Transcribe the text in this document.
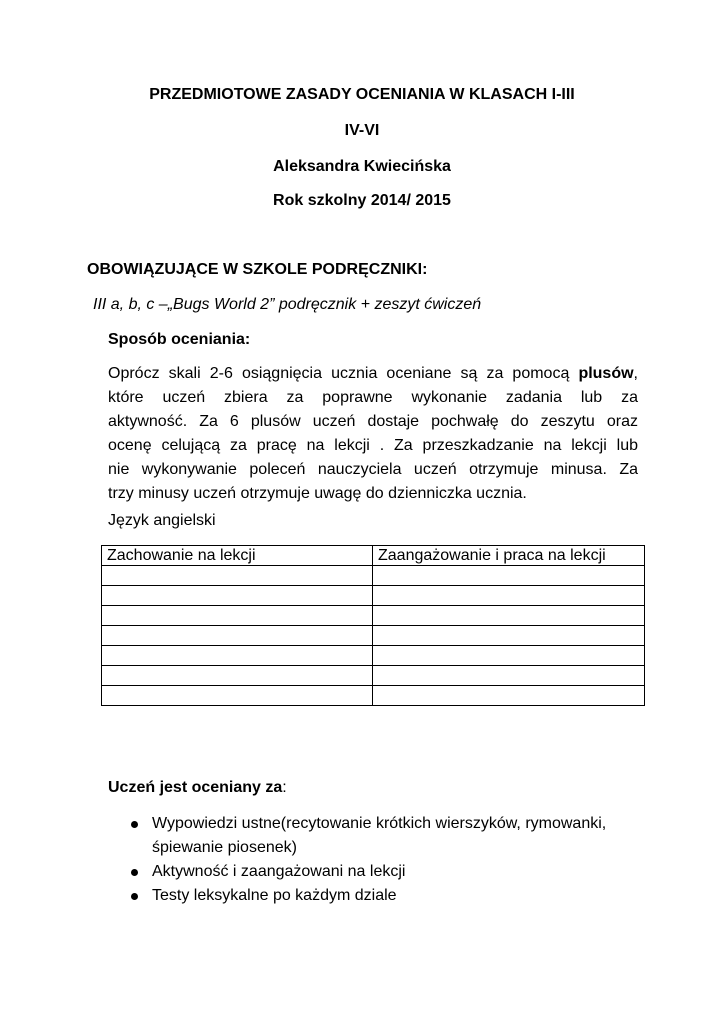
PRZEDMIOTOWE ZASADY OCENIANIA W KLASACH I-III
IV-VI
Aleksandra Kwiecińska
Rok szkolny 2014/ 2015
OBOWIĄZUJĄCE W SZKOLE PODRĘCZNIKI:
III a, b, c –„Bugs World 2” podręcznik + zeszyt ćwiczeń
Sposób oceniania:
Oprócz skali 2-6 osiągnięcia ucznia oceniane są za pomocą plusów,
które uczeń zbiera za poprawne wykonanie zadania lub za
aktywność. Za 6 plusów uczeń dostaje pochwałę do zeszytu oraz
ocenę celującą za pracę na lekcji . Za przeszkadzanie na lekcji lub
nie wykonywanie poleceń nauczyciela uczeń otrzymuje minusa. Za
trzy minusy uczeń otrzymuje uwagę do dzienniczka ucznia.
Język angielski
Zachowanie na lekcji	Zaangażowanie i praca na lekcji

Uczeń jest oceniany za:
Wypowiedzi ustne(recytowanie krótkich wierszyków, rymowanki, śpiewanie piosenek)
Aktywność i zaangażowani na lekcji
Testy leksykalne po każdym dziale
